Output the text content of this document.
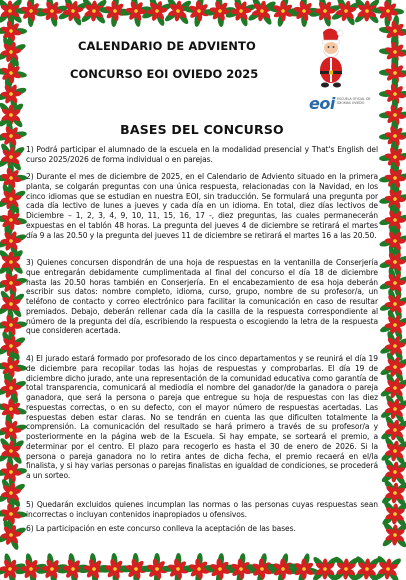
CALENDARIO DE ADVIENTO
CONCURSO EOI OVIEDO 2025
eoi ESCUELA OFICIAL DE IDIOMAS OVIEDO
BASES DEL CONCURSO
1) Podrá participar el alumnado de la escuela en la modalidad presencial y That's English del curso 2025/2026 de forma individual o en parejas.
2) Durante el mes de diciembre de 2025, en el Calendario de Adviento situado en la primera planta, se colgarán preguntas con una única respuesta, relacionadas con la Navidad, en los cinco idiomas que se estudian en nuestra EOI, sin traducción. Se formulará una pregunta por cada día lectivo de lunes a jueves y cada día en un idioma. En total, diez días lectivos de Diciembre – 1, 2, 3, 4, 9, 10, 11, 15, 16, 17 -, diez preguntas, las cuales permanecerán expuestas en el tablón 48 horas. La pregunta del jueves 4 de diciembre se retirará el martes día 9 a las 20.50 y la pregunta del jueves 11 de diciembre se retirará el martes 16 a las 20.50.
3) Quienes concursen dispondrán de una hoja de respuestas en la ventanilla de Conserjería que entregarán debidamente cumplimentada al final del concurso el día 18 de diciembre hasta las 20.50 horas también en Conserjería. En el encabezamiento de esa hoja deberán escribir sus datos: nombre completo, idioma, curso, grupo, nombre de su profesor/a, un teléfono de contacto y correo electrónico para facilitar la comunicación en caso de resultar premiados. Debajo, deberán rellenar cada día la casilla de la respuesta correspondiente al número de la pregunta del día, escribiendo la respuesta o escogiendo la letra de la respuesta que consideren acertada.
4) El jurado estará formado por profesorado de los cinco departamentos y se reunirá el día 19 de diciembre para recopilar todas las hojas de respuestas y comprobarlas. El día 19 de diciembre dicho jurado, ante una representación de la comunidad educativa como garantía de total transparencia, comunicará al mediodía el nombre del ganador/de la ganadora o pareja ganadora, que será la persona o pareja que entregue su hoja de respuestas con las diez respuestas correctas, o en su defecto, con el mayor número de respuestas acertadas. Las respuestas deben estar claras. No se tendrán en cuenta las que dificulten totalmente la comprensión. La comunicación del resultado se hará primero a través de su profesor/a y posteriormente en la página web de la Escuela. Si hay empate, se sorteará el premio, a determinar por el centro. El plazo para recogerlo es hasta el 30 de enero de 2026. Si la persona o pareja ganadora no lo retira antes de dicha fecha, el premio recaerá en el/la finalista, y si hay varias personas o parejas finalistas en igualdad de condiciones, se procederá a un sorteo.
5) Quedarán excluidos quienes incumplan las normas o las personas cuyas respuestas sean incorrectas o incluyan contenidos inapropiados u ofensivos.
6) La participación en este concurso conlleva la aceptación de las bases.
